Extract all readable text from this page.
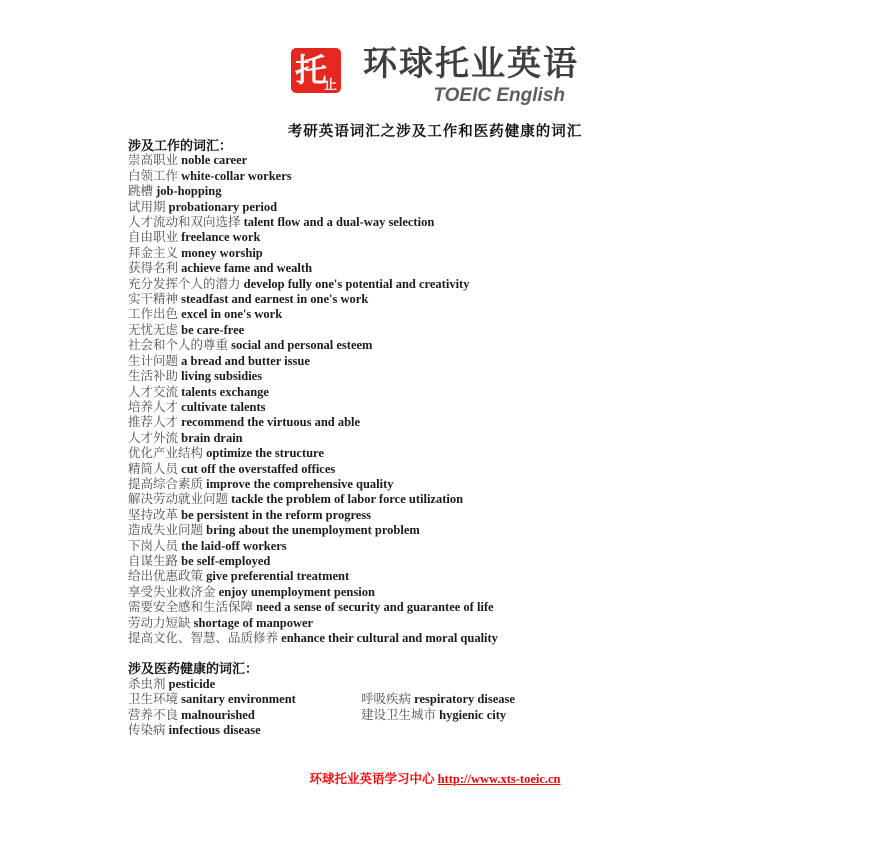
托
止
环球托业英语
TOEIC English
考研英语词汇之涉及工作和医药健康的词汇
涉及工作的词汇：
崇高职业 noble career
白领工作 white-collar workers
跳槽 job-hopping
试用期 probationary period
人才流动和双向选择 talent flow and a dual-way selection
自由职业 freelance work
拜金主义 money worship
获得名利 achieve fame and wealth
充分发挥个人的潜力 develop fully one's potential and creativity
实干精神 steadfast and earnest in one's work
工作出色 excel in one's work
无忧无虑 be care-free
社会和个人的尊重 social and personal esteem
生计问题 a bread and butter issue
生活补助 living subsidies
人才交流 talents exchange
培养人才 cultivate talents
推荐人才 recommend the virtuous and able
人才外流 brain drain
优化产业结构 optimize the structure
精简人员 cut off the overstaffed offices
提高综合素质 improve the comprehensive quality
解决劳动就业问题 tackle the problem of labor force utilization
坚持改革 be persistent in the reform progress
造成失业问题 bring about the unemployment problem
下岗人员 the laid-off workers
自谋生路 be self-employed
给出优惠政策 give preferential treatment
享受失业救济金 enjoy unemployment pension
需要安全感和生活保障 need a sense of security and guarantee of life
劳动力短缺 shortage of manpower
提高文化、智慧、品质修养 enhance their cultural and moral quality
涉及医药健康的词汇：
杀虫剂 pesticide
卫生环境 sanitary environment	呼吸疾病 respiratory disease
营养不良 malnourished	建设卫生城市 hygienic city
传染病 infectious disease
环球托业英语学习中心 http://www.xts-toeic.cn
